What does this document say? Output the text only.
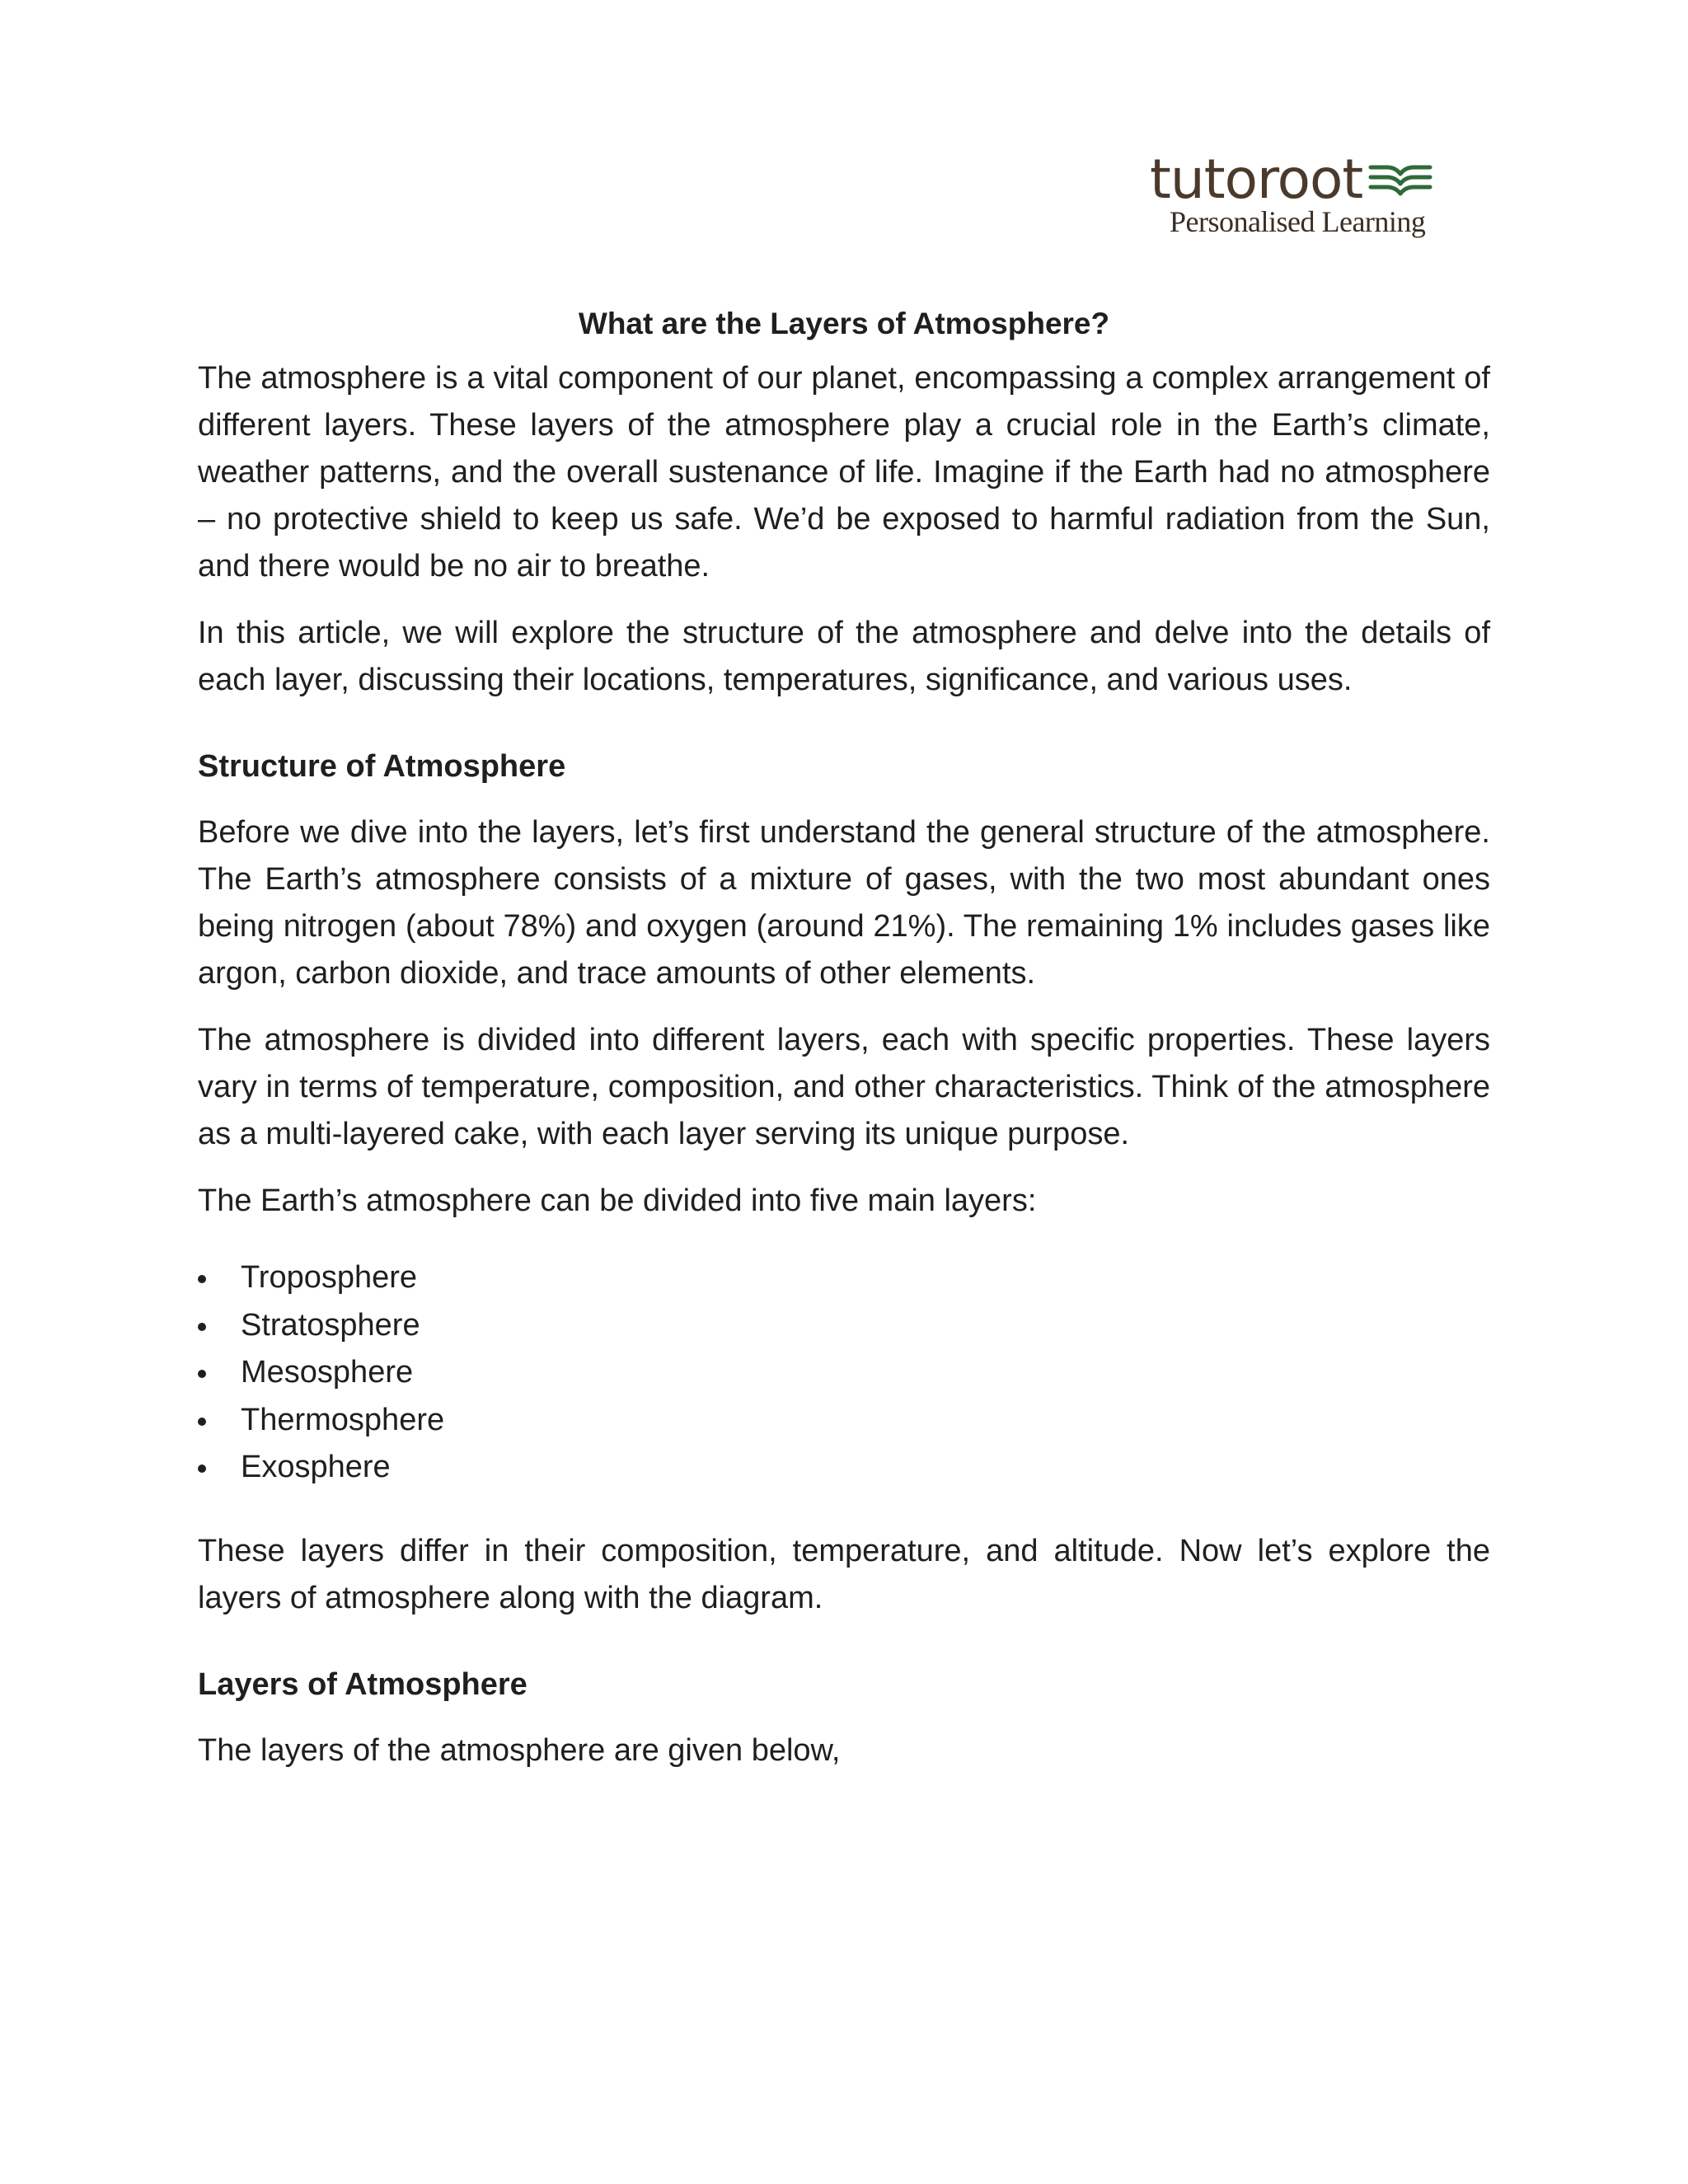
tutoroot
Personalised Learning
What are the Layers of Atmosphere?

The atmosphere is a vital component of our planet, encompassing a complex arrangement of different layers. These layers of the atmosphere play a crucial role in the Earth’s climate, weather patterns, and the overall sustenance of life. Imagine if the Earth had no atmosphere – no protective shield to keep us safe. We’d be exposed to harmful radiation from the Sun, and there would be no air to breathe.

In this article, we will explore the structure of the atmosphere and delve into the details of each layer, discussing their locations, temperatures, significance, and various uses.

Structure of Atmosphere

Before we dive into the layers, let’s first understand the general structure of the atmosphere. The Earth’s atmosphere consists of a mixture of gases, with the two most abundant ones being nitrogen (about 78%) and oxygen (around 21%). The remaining 1% includes gases like argon, carbon dioxide, and trace amounts of other elements.

The atmosphere is divided into different layers, each with specific properties. These layers vary in terms of temperature, composition, and other characteristics. Think of the atmosphere as a multi-layered cake, with each layer serving its unique purpose.

The Earth’s atmosphere can be divided into five main layers:

Troposphere
Stratosphere
Mesosphere
Thermosphere
Exosphere

These layers differ in their composition, temperature, and altitude. Now let’s explore the layers of atmosphere along with the diagram.

Layers of Atmosphere

The layers of the atmosphere are given below,
